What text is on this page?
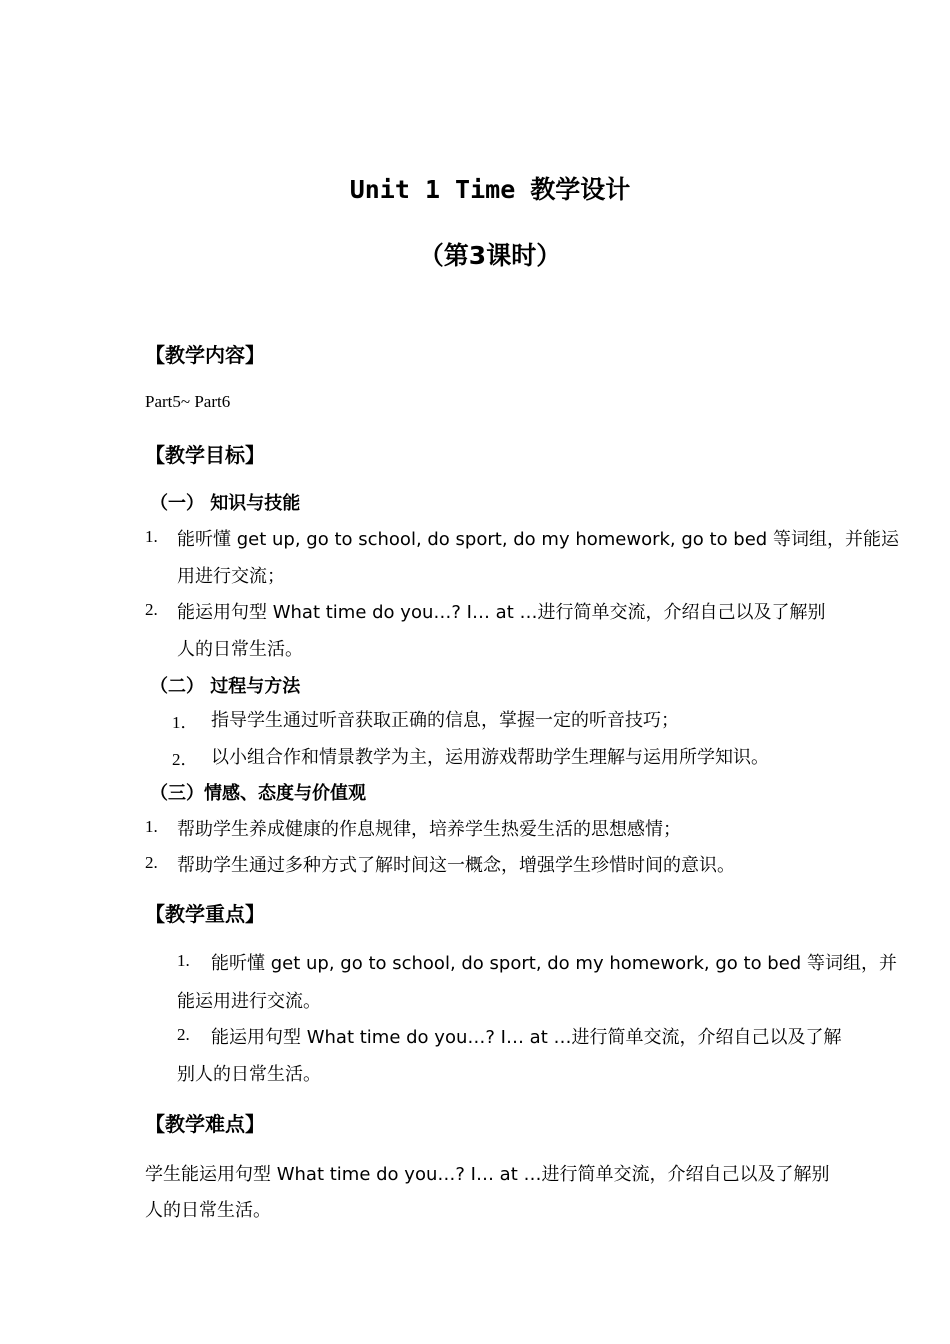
Unit 1 Time 教学设计
（第3课时）
【教学内容】
Part5~ Part6
【教学目标】
（一） 知识与技能
1. 能听懂 get up, go to school, do sport, do my homework, go to bed 等词组，并能运
用进行交流；
2. 能运用句型 What time do you…? I… at …进行简单交流，介绍自己以及了解别
人的日常生活。
（二） 过程与方法
1． 指导学生通过听音获取正确的信息，掌握一定的听音技巧；
2． 以小组合作和情景教学为主，运用游戏帮助学生理解与运用所学知识。
（三）情感、态度与价值观
1. 帮助学生养成健康的作息规律，培养学生热爱生活的思想感情；
2. 帮助学生通过多种方式了解时间这一概念，增强学生珍惜时间的意识。
【教学重点】
1. 能听懂 get up, go to school, do sport, do my homework, go to bed 等词组，并
能运用进行交流。
2. 能运用句型 What time do you…? I… at …进行简单交流，介绍自己以及了解
别人的日常生活。
【教学难点】
学生能运用句型 What time do you…? I… at …进行简单交流，介绍自己以及了解别
人的日常生活。
